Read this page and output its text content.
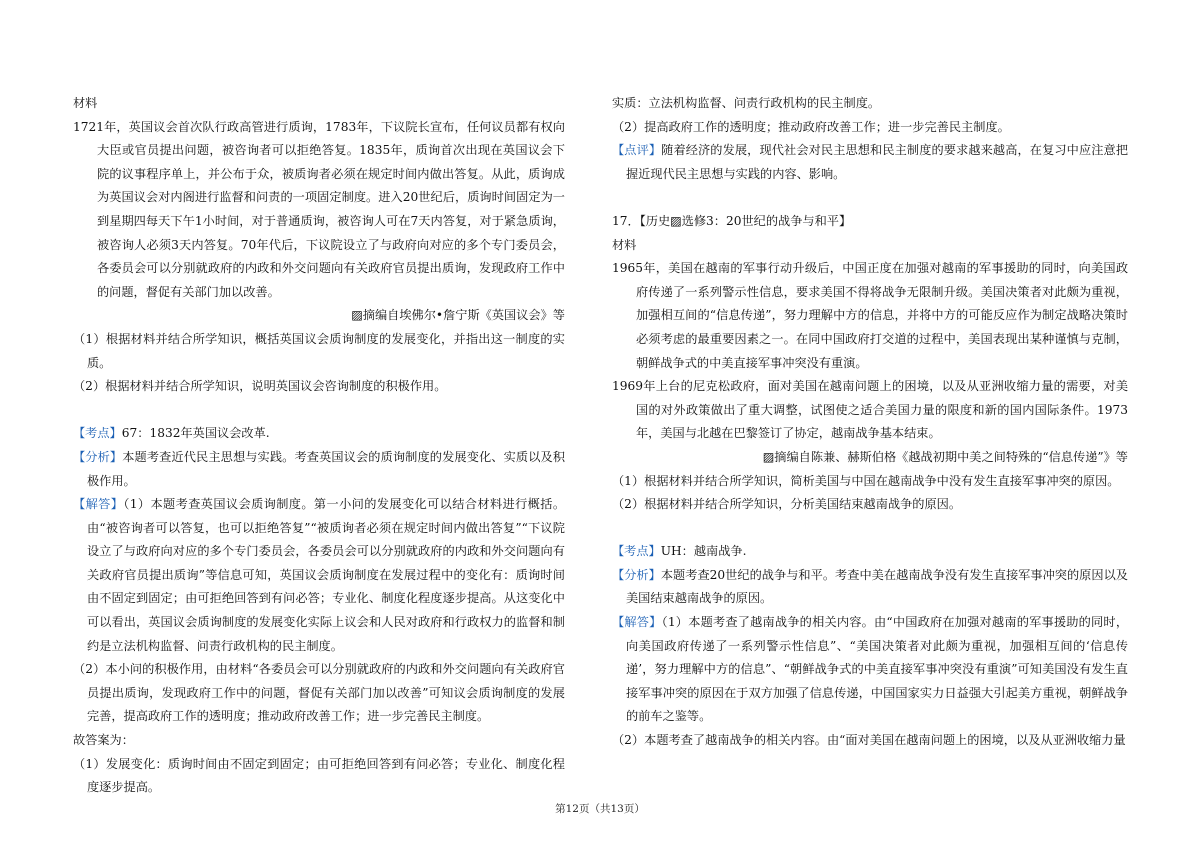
材料

1721年，英国议会首次队行政高管进行质询，1783年，下议院长宣布，任何议员都有权向大臣或官员提出问题，被咨询者可以拒绝答复。1835年，质询首次出现在英国议会下院的议事程序单上，并公布于众，被质询者必须在规定时间内做出答复。从此，质询成为英国议会对内阁进行监督和问责的一项固定制度。进入20世纪后，质询时间固定为一到星期四每天下午1小时间，对于普通质询，被咨询人可在7天内答复，对于紧急质询，被咨询人必须3天内答复。70年代后，下议院设立了与政府向对应的多个专门委员会，各委员会可以分别就政府的内政和外交问题向有关政府官员提出质询，发现政府工作中的问题，督促有关部门加以改善。

▨摘编自埃佛尔•詹宁斯《英国议会》等

（1）根据材料并结合所学知识，概括英国议会质询制度的发展变化，并指出这一制度的实质。

（2）根据材料并结合所学知识，说明英国议会咨询制度的积极作用。

【考点】67：1832年英国议会改革.

【分析】本题考查近代民主思想与实践。考查英国议会的质询制度的发展变化、实质以及积极作用。

【解答】（1）本题考查英国议会质询制度。第一小问的发展变化可以结合材料进行概括。由“被咨询者可以答复，也可以拒绝答复”“被质询者必须在规定时间内做出答复”“下议院设立了与政府向对应的多个专门委员会，各委员会可以分别就政府的内政和外交问题向有关政府官员提出质询”等信息可知，英国议会质询制度在发展过程中的变化有：质询时间由不固定到固定；由可拒绝回答到有问必答；专业化、制度化程度逐步提高。从这变化中可以看出，英国议会质询制度的发展变化实际上议会和人民对政府和行政权力的监督和制约是立法机构监督、问责行政机构的民主制度。

（2）本小问的积极作用，由材料“各委员会可以分别就政府的内政和外交问题向有关政府官员提出质询，发现政府工作中的问题，督促有关部门加以改善”可知议会质询制度的发展完善，提高政府工作的透明度；推动政府改善工作；进一步完善民主制度。

故答案为：

（1）发展变化：质询时间由不固定到固定；由可拒绝回答到有问必答；专业化、制度化程度逐步提高。

实质：立法机构监督、问责行政机构的民主制度。

（2）提高政府工作的透明度；推动政府改善工作；进一步完善民主制度。

【点评】随着经济的发展，现代社会对民主思想和民主制度的要求越来越高，在复习中应注意把握近现代民主思想与实践的内容、影响。

17．【历史▨选修3：20世纪的战争与和平】

材料

1965年，美国在越南的军事行动升级后，中国正度在加强对越南的军事援助的同时，向美国政府传递了一系列警示性信息，要求美国不得将战争无限制升级。美国决策者对此颇为重视，加强相互间的“信息传递”，努力理解中方的信息，并将中方的可能反应作为制定战略决策时必须考虑的最重要因素之一。在同中国政府打交道的过程中，美国表现出某种谨慎与克制，朝鲜战争式的中美直接军事冲突没有重演。

1969年上台的尼克松政府，面对美国在越南问题上的困境，以及从亚洲收缩力量的需要，对美国的对外政策做出了重大调整，试图使之适合美国力量的限度和新的国内国际条件。1973年，美国与北越在巴黎签订了协定，越南战争基本结束。

▨摘编自陈兼、赫斯伯格《越战初期中美之间特殊的“信息传递”》等

（1）根据材料并结合所学知识，简析美国与中国在越南战争中没有发生直接军事冲突的原因。

（2）根据材料并结合所学知识，分析美国结束越南战争的原因。

【考点】UH：越南战争.

【分析】本题考查20世纪的战争与和平。考查中美在越南战争没有发生直接军事冲突的原因以及美国结束越南战争的原因。

【解答】（1）本题考查了越南战争的相关内容。由“中国政府在加强对越南的军事援助的同时，向美国政府传递了一系列警示性信息”、“美国决策者对此颇为重视，加强相互间的‘信息传递’，努力理解中方的信息”、“朝鲜战争式的中美直接军事冲突没有重演”可知美国没有发生直接军事冲突的原因在于双方加强了信息传递，中国国家实力日益强大引起美方重视，朝鲜战争的前车之鉴等。

（2）本题考查了越南战争的相关内容。由“面对美国在越南问题上的困境，以及从亚洲收缩力量

第12页（共13页）
